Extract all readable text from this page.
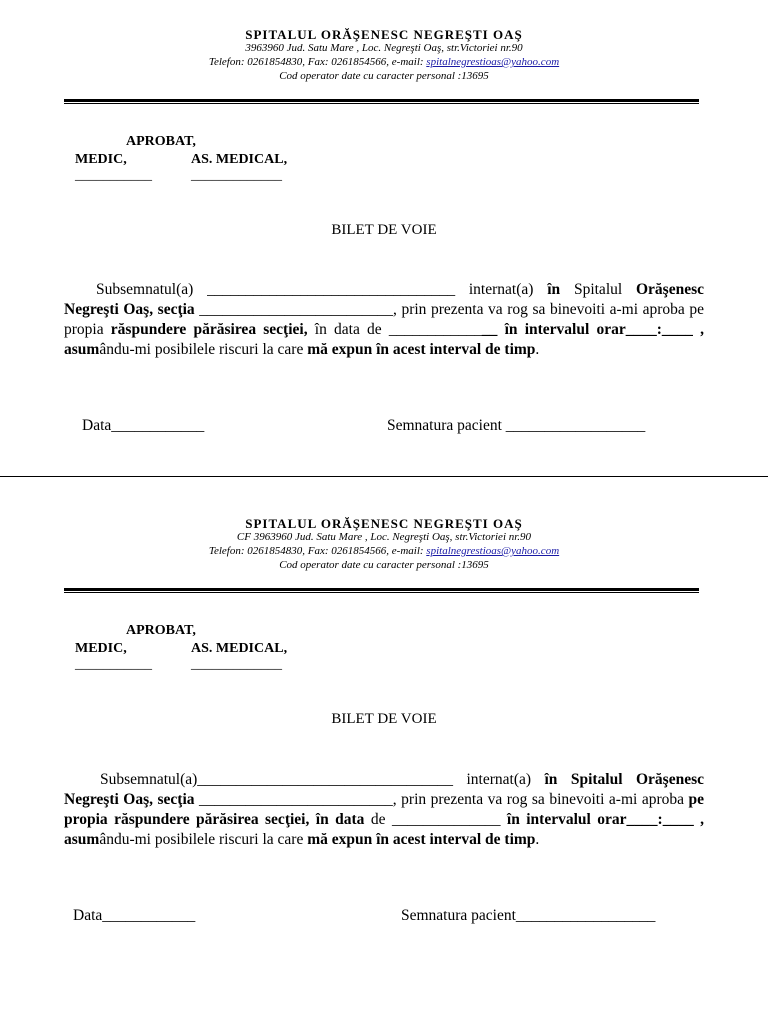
SPITALUL ORĂŞENESC NEGREŞTI OAŞ
3963960 Jud. Satu Mare , Loc. Negreşti Oaş, str.Victoriei nr.90
Telefon: 0261854830, Fax: 0261854566, e-mail: spitalnegrestioas@yahoo.com
Cod operator date cu caracter personal :13695
APROBAT,
MEDIC,	AS. MEDICAL,
___________	_____________
BILET DE VOIE
Subsemnatul(a) ________________________________ internat(a) în Spitalul Orăşenesc Negreşti Oaş, secţia _________________________, prin prezenta va rog sa binevoiti a-mi aproba pe propia răspundere părăsirea secţiei, în data de ______________ în intervalul orar____:____ , asumându-mi posibilele riscuri la care mă expun în acest interval de timp.
Data____________	Semnatura pacient __________________
SPITALUL ORĂŞENESC NEGREŞTI OAŞ
CF 3963960 Jud. Satu Mare , Loc. Negreşti Oaş, str.Victoriei nr.90
Telefon: 0261854830, Fax: 0261854566, e-mail: spitalnegrestioas@yahoo.com
Cod operator date cu caracter personal :13695
APROBAT,
MEDIC,	AS. MEDICAL,
___________	_____________
BILET DE VOIE
Subsemnatul(a)_________________________________ internat(a) în Spitalul Orăşenesc Negreşti Oaş, secţia _________________________, prin prezenta va rog sa binevoiti a-mi aproba pe propia răspundere părăsirea secţiei, în data de ______________ în intervalul orar____:____ , asumându-mi posibilele riscuri la care mă expun în acest interval de timp.
Data____________	Semnatura pacient__________________
